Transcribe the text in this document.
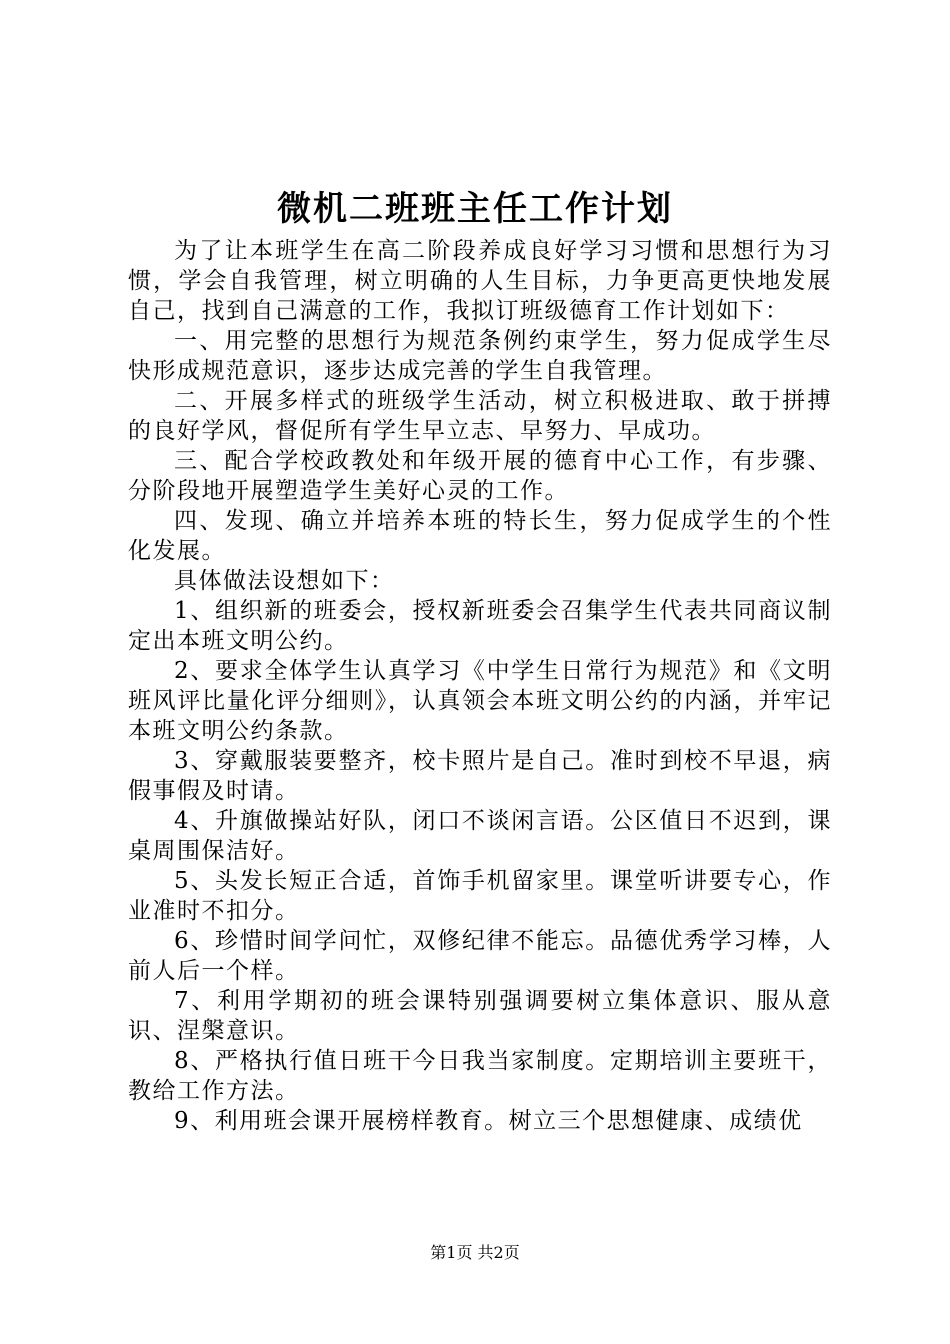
微机二班班主任工作计划

为了让本班学生在高二阶段养成良好学习习惯和思想行为习惯，学会自我管理，树立明确的人生目标，力争更高更快地发展自己，找到自己满意的工作，我拟订班级德育工作计划如下：

一、用完整的思想行为规范条例约束学生，努力促成学生尽快形成规范意识，逐步达成完善的学生自我管理。

二、开展多样式的班级学生活动，树立积极进取、敢于拼搏的良好学风，督促所有学生早立志、早努力、早成功。

三、配合学校政教处和年级开展的德育中心工作，有步骤、分阶段地开展塑造学生美好心灵的工作。

四、发现、确立并培养本班的特长生，努力促成学生的个性化发展。

具体做法设想如下：

1、组织新的班委会，授权新班委会召集学生代表共同商议制定出本班文明公约。

2、要求全体学生认真学习《中学生日常行为规范》和《文明班风评比量化评分细则》，认真领会本班文明公约的内涵，并牢记本班文明公约条款。

3、穿戴服装要整齐，校卡照片是自己。准时到校不早退，病假事假及时请。

4、升旗做操站好队，闭口不谈闲言语。公区值日不迟到，课桌周围保洁好。

5、头发长短正合适，首饰手机留家里。课堂听讲要专心，作业准时不扣分。

6、珍惜时间学问忙，双修纪律不能忘。品德优秀学习棒，人前人后一个样。

7、利用学期初的班会课特别强调要树立集体意识、服从意识、涅槃意识。

8、严格执行值日班干今日我当家制度。定期培训主要班干，教给工作方法。

9、利用班会课开展榜样教育。树立三个思想健康、成绩优

第1页 共2页
